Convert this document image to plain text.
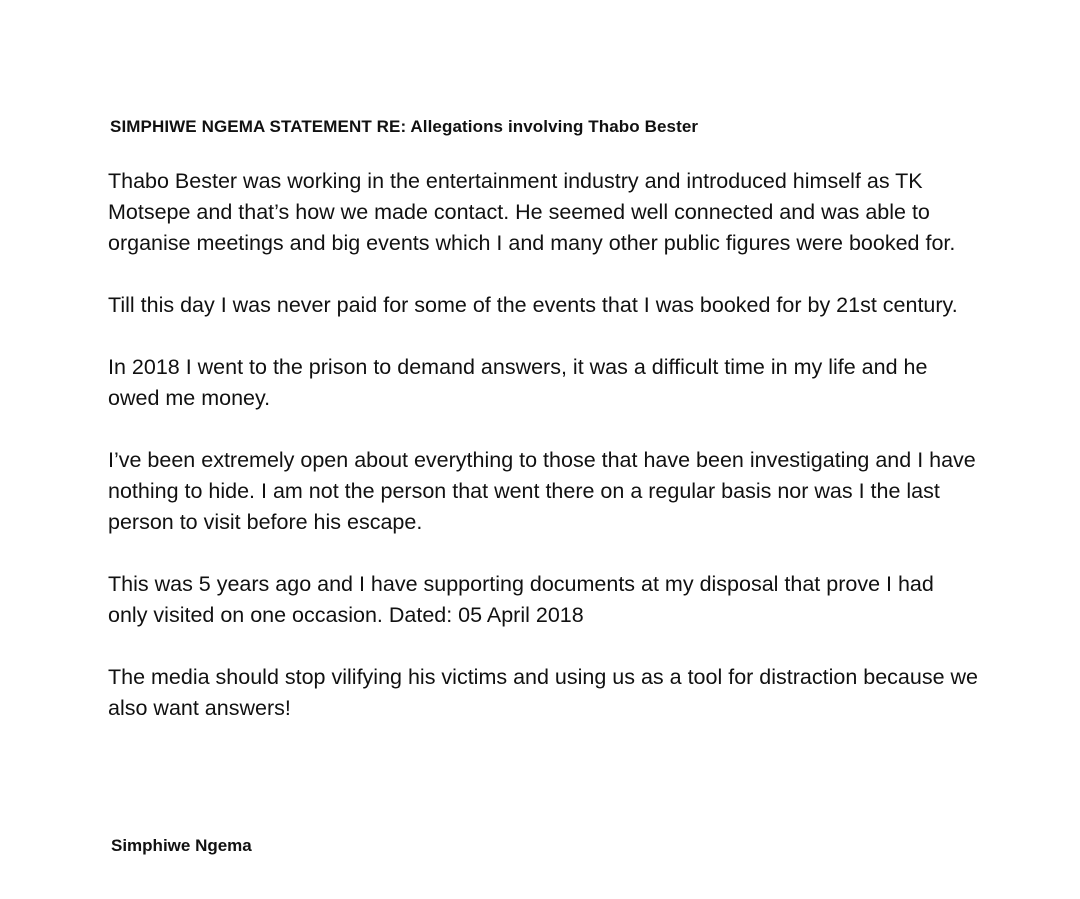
SIMPHIWE NGEMA STATEMENT RE: Allegations involving Thabo Bester

Thabo Bester was working in the entertainment industry and introduced himself as TK Motsepe and that’s how we made contact. He seemed well connected and was able to organise meetings and big events which I and many other public figures were booked for.

Till this day I was never paid for some of the events that I was booked for by 21st century.

In 2018 I went to the prison to demand answers, it was a difficult time in my life and he owed me money.

I’ve been extremely open about everything to those that have been investigating and I have nothing to hide. I am not the person that went there on a regular basis nor was I the last person to visit before his escape.

This was 5 years ago and I have supporting documents at my disposal that prove I had only visited on one occasion. Dated: 05 April 2018

The media should stop vilifying his victims and using us as a tool for distraction because we also want answers!

Simphiwe Ngema
